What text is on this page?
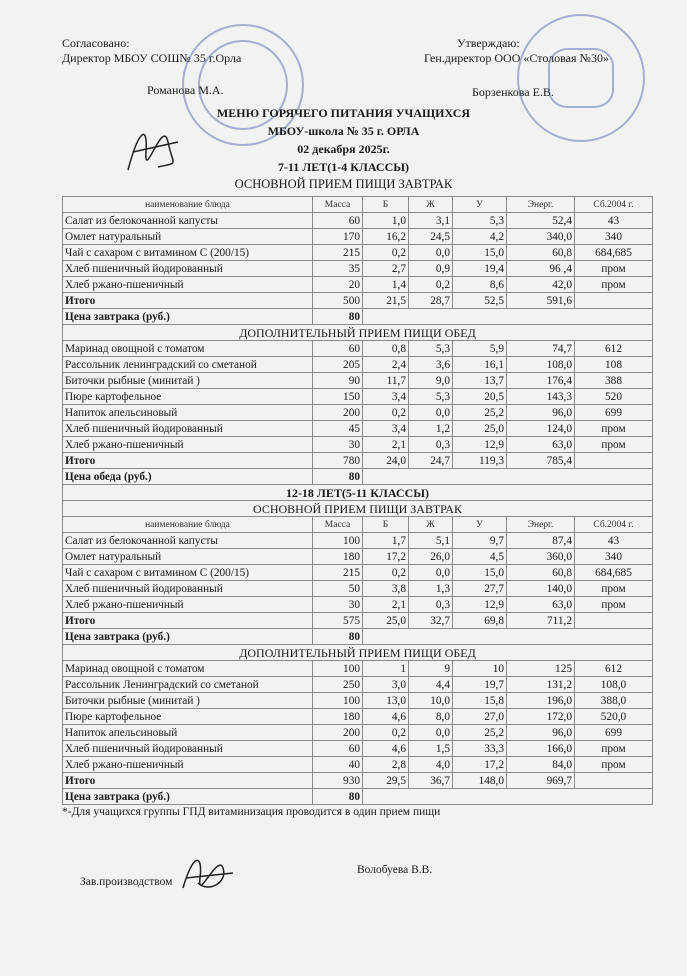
Согласовано:
Директор МБОУ СОШ№ 35 г.Орла
Романова М.А.
Утверждаю:
Ген.директор ООО «Столовая №30»
Борзенкова Е.В.
МЕНЮ ГОРЯЧЕГО ПИТАНИЯ УЧАЩИХСЯ
МБОУ-школа № 35 г. ОРЛА
02 декабря 2025г.
7-11 ЛЕТ(1-4 КЛАССЫ)
ОСНОВНОЙ ПРИЕМ ПИЩИ ЗАВТРАК
наименование блюда	Масса	Б	Ж	У	Энерг.	Сб.2004 г.
Салат из белокочанной капусты	60	1,0	3,1	5,3	52,4	43
Омлет натуральный	170	16,2	24,5	4,2	340,0	340
Чай с сахаром с витамином С (200/15)	215	0,2	0,0	15,0	60,8	684,685
Хлеб пшеничный йодированный	35	2,7	0,9	19,4	96 ,4	пром
Хлеб ржано-пшеничный	20	1,4	0,2	8,6	42,0	пром
Итого	500	21,5	28,7	52,5	591,6	
Цена завтрака (руб.)	80					
ДОПОЛНИТЕЛЬНЫЙ ПРИЕМ ПИЩИ ОБЕД						
Маринад овощной с томатом	60	0,8	5,3	5,9	74,7	612
Рассольник ленинградский со сметаной	205	2,4	3,6	16,1	108,0	108
Биточки рыбные (минитай )	90	11,7	9,0	13,7	176,4	388
Пюре картофельное	150	3,4	5,3	20,5	143,3	520
Напиток апельсиновый	200	0,2	0,0	25,2	96,0	699
Хлеб пшеничный йодированный	45	3,4	1,2	25,0	124,0	пром
Хлеб ржано-пшеничный	30	2,1	0,3	12,9	63,0	пром
Итого	780	24,0	24,7	119,3	785,4	
Цена обеда (руб.)	80					
12-18 ЛЕТ(5-11 КЛАССЫ)						
ОСНОВНОЙ ПРИЕМ ПИЩИ ЗАВТРАК						
наименование блюда	Масса	Б	Ж	У	Энерг.	Сб.2004 г.
Салат из белокочанной капусты	100	1,7	5,1	9,7	87,4	43
Омлет натуральный	180	17,2	26,0	4,5	360,0	340
Чай с сахаром с витамином С (200/15)	215	0,2	0,0	15,0	60,8	684,685
Хлеб пшеничный йодированный	50	3,8	1,3	27,7	140,0	пром
Хлеб ржано-пшеничный	30	2,1	0,3	12,9	63,0	пром
Итого	575	25,0	32,7	69,8	711,2	
Цена завтрака (руб.)	80					
ДОПОЛНИТЕЛЬНЫЙ ПРИЕМ ПИЩИ ОБЕД						
Маринад овощной с томатом	100	1	9	10	125	612
Рассольник Ленинградский со сметаной	250	3,0	4,4	19,7	131,2	108,0
Биточки рыбные (минитай )	100	13,0	10,0	15,8	196,0	388,0
Пюре картофельное	180	4,6	8,0	27,0	172,0	520,0
Напиток апельсиновый	200	0,2	0,0	25,2	96,0	699
Хлеб пшеничный йодированный	60	4,6	1,5	33,3	166,0	пром
Хлеб ржано-пшеничный	40	2,8	4,0	17,2	84,0	пром
Итого	930	29,5	36,7	148,0	969,7	
Цена завтрака (руб.)	80					
*-Для учащихся группы ГПД витаминизация проводится в один прием пищи
Зав.производством
Волобуева В.В.
